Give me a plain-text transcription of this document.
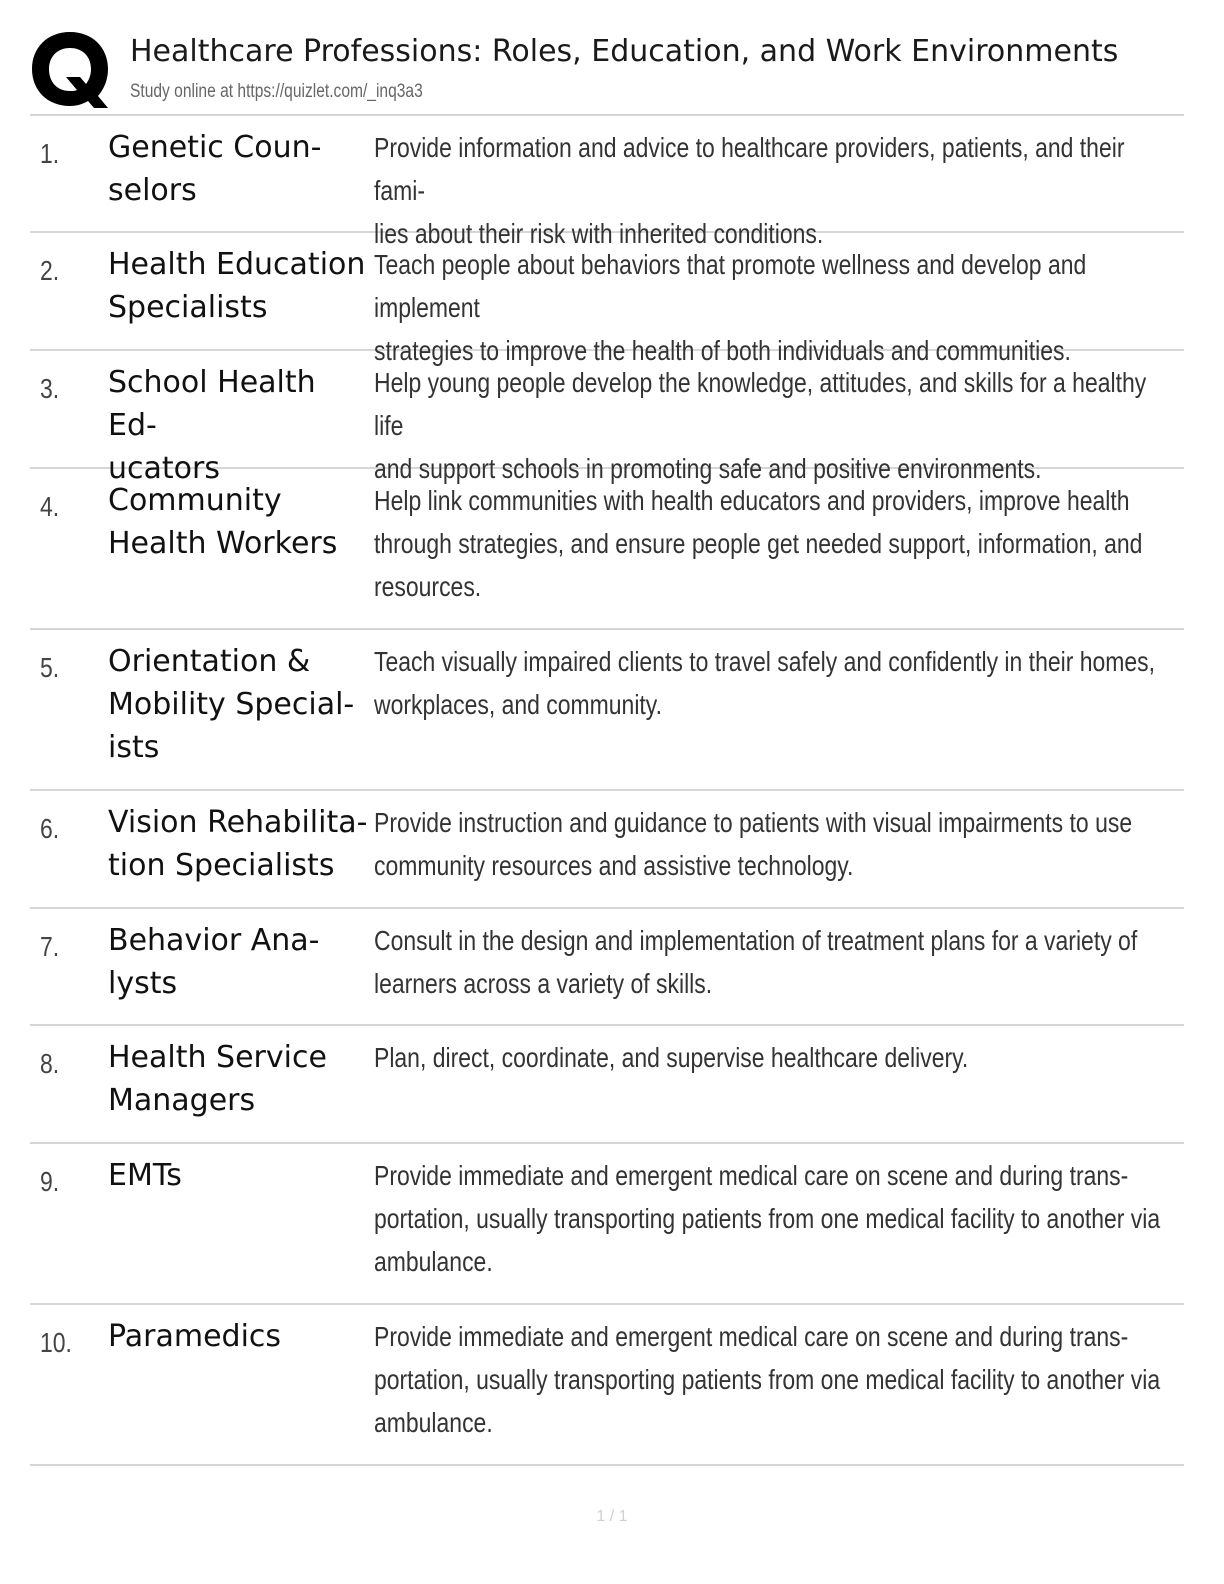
Healthcare Professions: Roles, Education, and Work Environments
Study online at https://quizlet.com/_inq3a3
1. Genetic Coun-
selors
Provide information and advice to healthcare providers, patients, and their fami-
lies about their risk with inherited conditions.
2. Health Education
Specialists
Teach people about behaviors that promote wellness and develop and implement
strategies to improve the health of both individuals and communities.
3. School Health Ed-
ucators
Help young people develop the knowledge, attitudes, and skills for a healthy life
and support schools in promoting safe and positive environments.
4. Community
Health Workers
Help link communities with health educators and providers, improve health
through strategies, and ensure people get needed support, information, and
resources.
5. Orientation &
Mobility Special-
ists
Teach visually impaired clients to travel safely and confidently in their homes,
workplaces, and community.
6. Vision Rehabilita-
tion Specialists
Provide instruction and guidance to patients with visual impairments to use
community resources and assistive technology.
7. Behavior Ana-
lysts
Consult in the design and implementation of treatment plans for a variety of
learners across a variety of skills.
8. Health Service
Managers
Plan, direct, coordinate, and supervise healthcare delivery.
9. EMTs	Provide immediate and emergent medical care on scene and during trans-
portation, usually transporting patients from one medical facility to another via
ambulance.
10. Paramedics	Provide immediate and emergent medical care on scene and during trans-
portation, usually transporting patients from one medical facility to another via
ambulance.
1 / 1
